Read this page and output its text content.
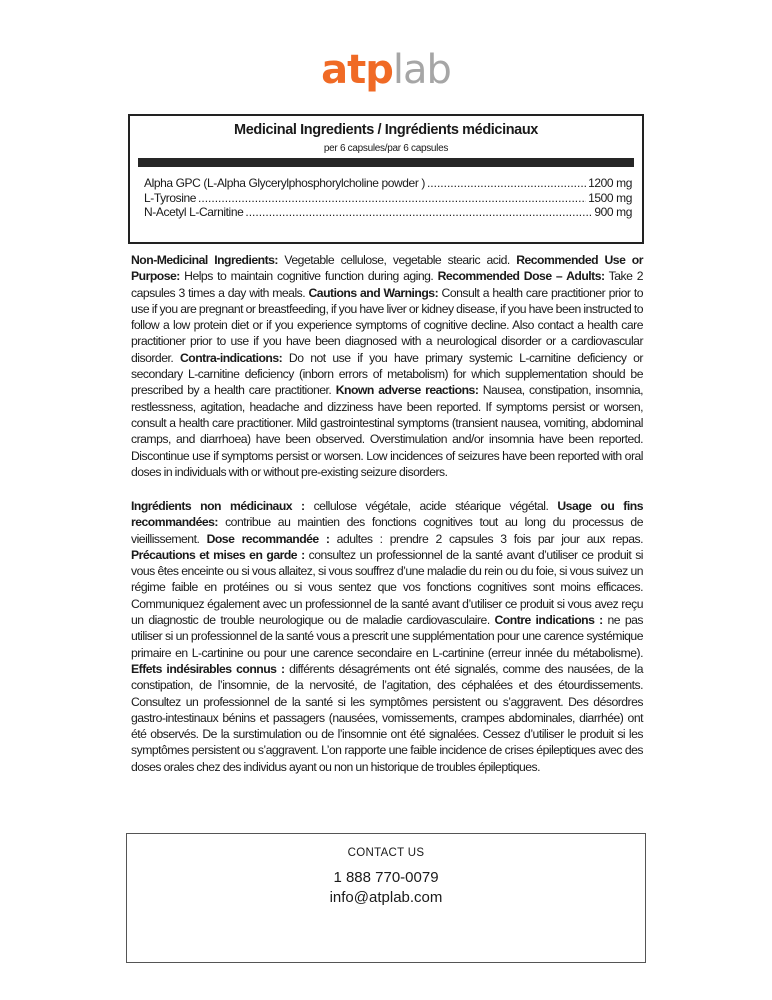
atplab
Medicinal Ingredients / Ingrédients médicinaux
per 6 capsules/par 6 capsules
Alpha GPC (L-Alpha Glycerylphosphorylcholine powder ) .....	1200 mg
L-Tyrosine .....	1500 mg
N-Acetyl L-Carnitine .....	900 mg
Non-Medicinal Ingredients: Vegetable cellulose, vegetable stearic acid. Recommended Use or Purpose: Helps to maintain cognitive function during aging. Recommended Dose – Adults: Take 2 capsules 3 times a day with meals. Cautions and Warnings: Consult a health care practitioner prior to use if you are pregnant or breastfeeding, if you have liver or kidney disease, if you have been instructed to follow a low protein diet or if you experience symptoms of cognitive decline. Also contact a health care practitioner prior to use if you have been diagnosed with a neurological disorder or a cardiovascular disorder. Contra-indications: Do not use if you have primary systemic L-carnitine deficiency or secondary L-carnitine deficiency (inborn errors of metabolism) for which supplementation should be prescribed by a health care practitioner. Known adverse reactions: Nausea, constipation, insomnia, restlessness, agitation, headache and dizziness have been reported. If symptoms persist or worsen, consult a health care practitioner. Mild gastrointestinal symptoms (transient nausea, vomiting, abdominal cramps, and diarrhoea) have been observed. Overstimulation and/or insomnia have been reported. Discontinue use if symptoms persist or worsen. Low incidences of seizures have been reported with oral doses in individuals with or without pre-existing seizure disorders.
Ingrédients non médicinaux : cellulose végétale, acide stéarique végétal. Usage ou fins recommandées: contribue au maintien des fonctions cognitives tout au long du processus de vieillissement. Dose recommandée : adultes : prendre 2 capsules 3 fois par jour aux repas. Précautions et mises en garde : consultez un professionnel de la santé avant d’utiliser ce produit si vous êtes enceinte ou si vous allaitez, si vous souffrez d’une maladie du rein ou du foie, si vous suivez un régime faible en protéines ou si vous sentez que vos fonctions cognitives sont moins efficaces. Communiquez également avec un professionnel de la santé avant d’utiliser ce produit si vous avez reçu un diagnostic de trouble neurologique ou de maladie cardiovasculaire. Contre indications : ne pas utiliser si un professionnel de la santé vous a prescrit une supplémentation pour une carence systémique primaire en L-cartinine ou pour une carence secondaire en L-cartinine (erreur innée du métabolisme). Effets indésirables connus : différents désagréments ont été signalés, comme des nausées, de la constipation, de l’insomnie, de la nervosité, de l’agitation, des céphalées et des étourdissements. Consultez un professionnel de la santé si les symptômes persistent ou s’aggravent. Des désordres gastro-intestinaux bénins et passagers (nausées, vomissements, crampes abdominales, diarrhée) ont été observés. De la surstimulation ou de l’insomnie ont été signalées. Cessez d’utiliser le produit si les symptômes persistent ou s’aggravent. L’on rapporte une faible incidence de crises épileptiques avec des doses orales chez des individus ayant ou non un historique de troubles épileptiques.
CONTACT US
1 888 770-0079
info@atplab.com
